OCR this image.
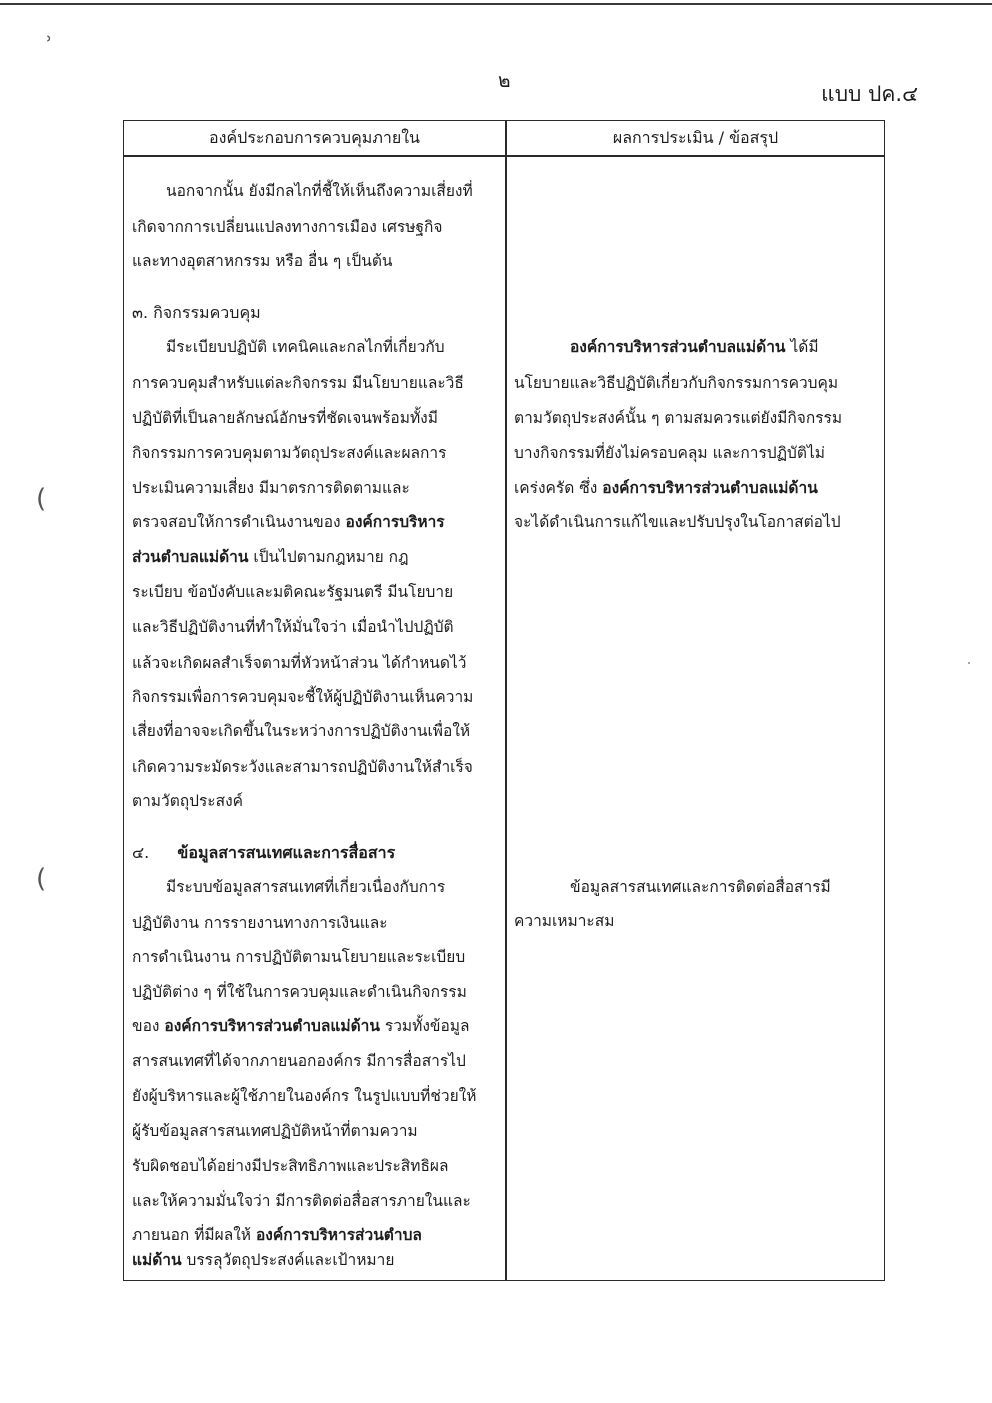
˒
(
(
๒
แบบ ปค.๔
องค์ประกอบการควบคุมภายใน	ผลการประเมิน / ข้อสรุป
นอกจากนั้น ยังมีกลไกที่ชี้ให้เห็นถึงความเสี่ยงที่
เกิดจากการเปลี่ยนแปลงทางการเมือง เศรษฐกิจ
และทางอุตสาหกรรม หรือ อื่น ๆ เป็นต้น
๓. กิจกรรมควบคุม
มีระเบียบปฏิบัติ เทคนิคและกลไกที่เกี่ยวกับ
การควบคุมสำหรับแต่ละกิจกรรม มีนโยบายและวิธี
ปฏิบัติที่เป็นลายลักษณ์อักษรที่ชัดเจนพร้อมทั้งมี
กิจกรรมการควบคุมตามวัตถุประสงค์และผลการ
ประเมินความเสี่ยง มีมาตรการติดตามและ
ตรวจสอบให้การดำเนินงานของ องค์การบริหาร
ส่วนตำบลแม่ด้าน เป็นไปตามกฎหมาย กฎ
ระเบียบ ข้อบังคับและมติคณะรัฐมนตรี มีนโยบาย
และวิธีปฏิบัติงานที่ทำให้มั่นใจว่า เมื่อนำไปปฏิบัติ
แล้วจะเกิดผลสำเร็จตามที่หัวหน้าส่วน ได้กำหนดไว้
กิจกรรมเพื่อการควบคุมจะชี้ให้ผู้ปฏิบัติงานเห็นความ
เสี่ยงที่อาจจะเกิดขึ้นในระหว่างการปฏิบัติงานเพื่อให้
เกิดความระมัดระวังและสามารถปฏิบัติงานให้สำเร็จ
ตามวัตถุประสงค์
๔. ข้อมูลสารสนเทศและการสื่อสาร
มีระบบข้อมูลสารสนเทศที่เกี่ยวเนื่องกับการ
ปฏิบัติงาน การรายงานทางการเงินและ
การดำเนินงาน การปฏิบัติตามนโยบายและระเบียบ
ปฏิบัติต่าง ๆ ที่ใช้ในการควบคุมและดำเนินกิจกรรม
ของ องค์การบริหารส่วนตำบลแม่ด้าน รวมทั้งข้อมูล
สารสนเทศที่ได้จากภายนอกองค์กร มีการสื่อสารไป
ยังผู้บริหารและผู้ใช้ภายในองค์กร ในรูปแบบที่ช่วยให้
ผู้รับข้อมูลสารสนเทศปฏิบัติหน้าที่ตามความ
รับผิดชอบได้อย่างมีประสิทธิภาพและประสิทธิผล
และให้ความมั่นใจว่า มีการติดต่อสื่อสารภายในและ
ภายนอก ที่มีผลให้ องค์การบริหารส่วนตำบล
แม่ด้าน บรรลุวัตถุประสงค์และเป้าหมาย
องค์การบริหารส่วนตำบลแม่ด้าน ได้มี
นโยบายและวิธีปฏิบัติเกี่ยวกับกิจกรรมการควบคุม
ตามวัตถุประสงค์นั้น ๆ ตามสมควรแต่ยังมีกิจกรรม
บางกิจกรรมที่ยังไม่ครอบคลุม และการปฏิบัติไม่
เคร่งครัด ซึ่ง องค์การบริหารส่วนตำบลแม่ด้าน
จะได้ดำเนินการแก้ไขและปรับปรุงในโอกาสต่อไป
ข้อมูลสารสนเทศและการติดต่อสื่อสารมี
ความเหมาะสม
